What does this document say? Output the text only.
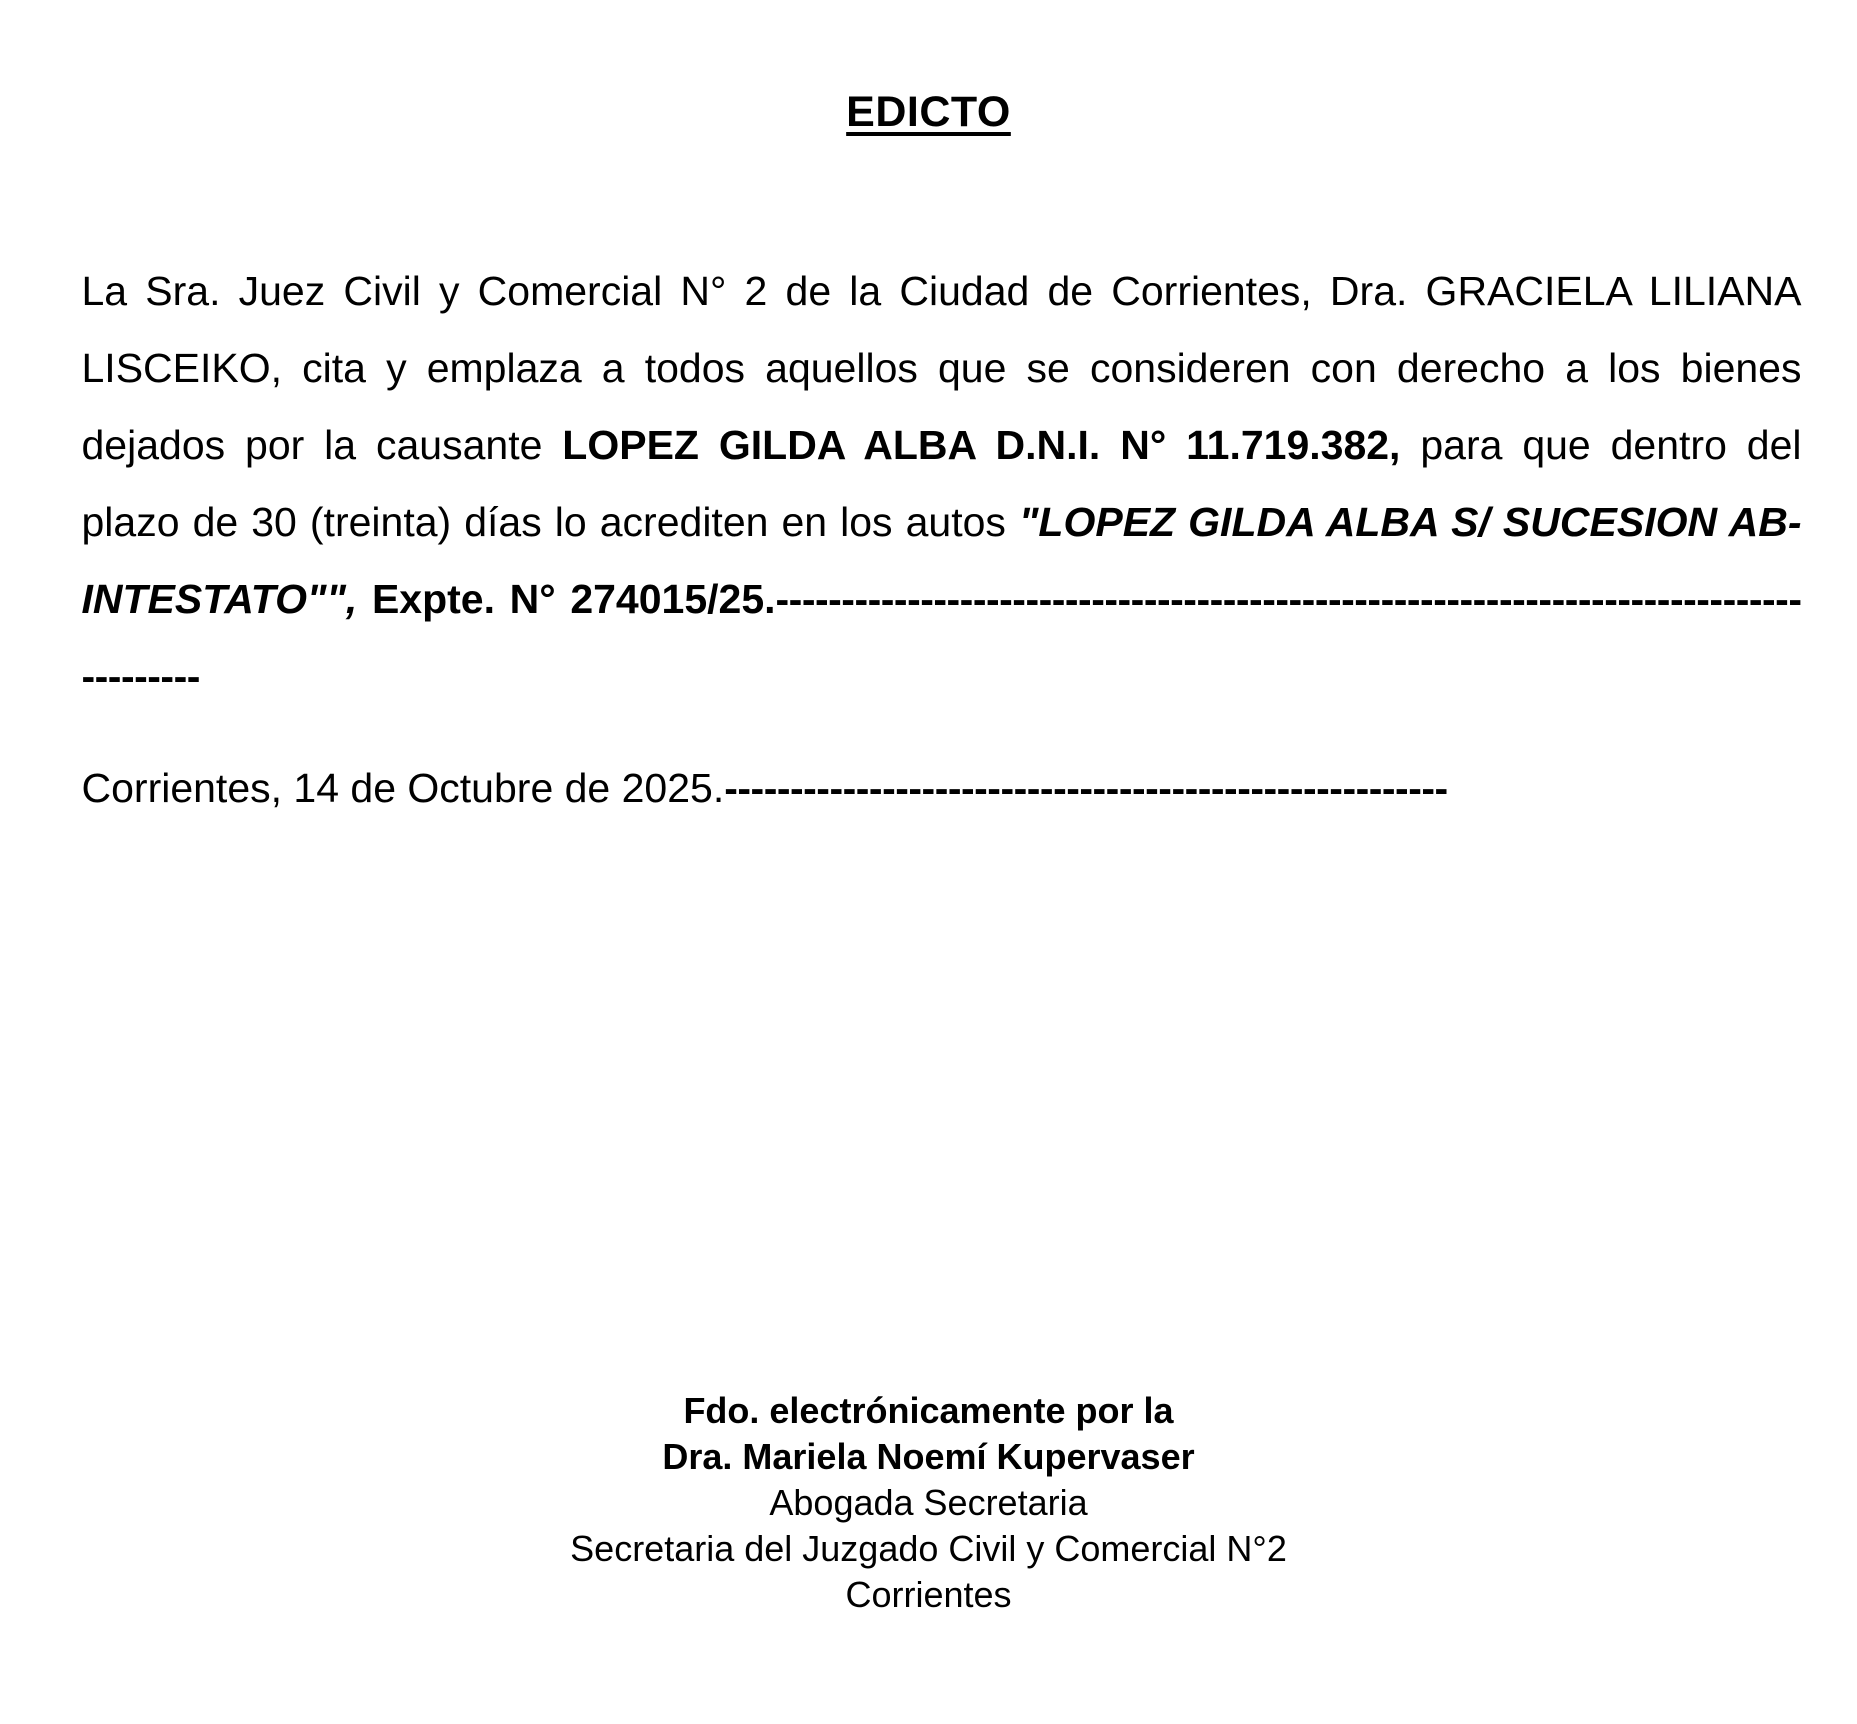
EDICTO

La Sra. Juez Civil y Comercial N° 2 de la Ciudad de Corrientes, Dra. GRACIELA LILIANA LISCEIKO, cita y emplaza a todos aquellos que se consideren con derecho a los bienes dejados por la causante LOPEZ GILDA ALBA D.N.I. N° 11.719.382, para que dentro del plazo de 30 (treinta) días lo acrediten en los autos "LOPEZ GILDA ALBA S/ SUCESION AB-INTESTATO"", Expte. N° 274015/25.---------------------------------------------------------------------------------------

Corrientes, 14 de Octubre de 2025.-------------------------------------------------------

Fdo. electrónicamente por la
Dra. Mariela Noemí Kupervaser
Abogada Secretaria
Secretaria del Juzgado Civil y Comercial N°2
Corrientes
